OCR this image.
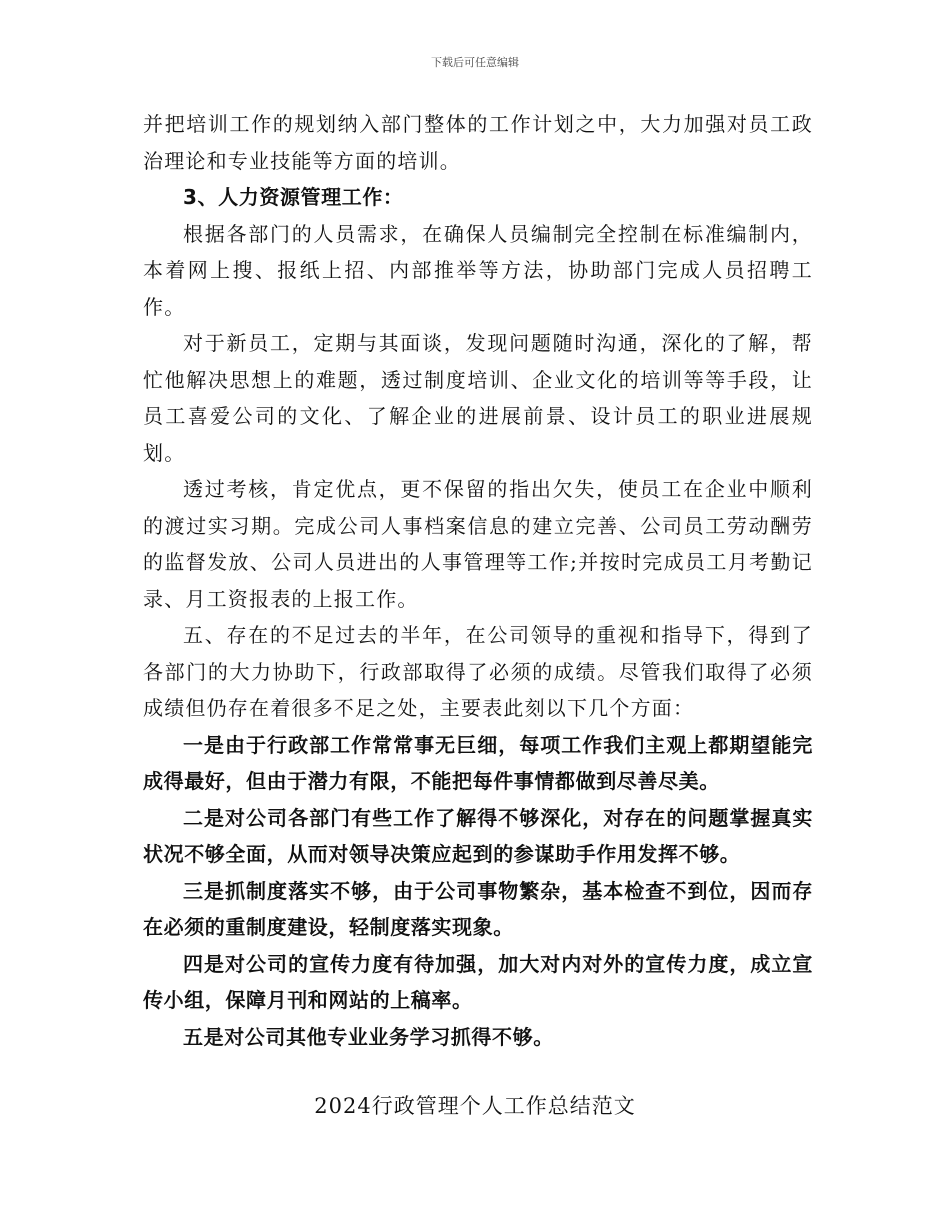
下载后可任意编辑

并把培训工作的规划纳入部门整体的工作计划之中，大力加强对员工政治理论和专业技能等方面的培训。

3、人力资源管理工作：

根据各部门的人员需求，在确保人员编制完全控制在标准编制内，本着网上搜、报纸上招、内部推举等方法，协助部门完成人员招聘工作。

对于新员工，定期与其面谈，发现问题随时沟通，深化的了解，帮忙他解决思想上的难题，透过制度培训、企业文化的培训等等手段，让员工喜爱公司的文化、了解企业的进展前景、设计员工的职业进展规划。

透过考核，肯定优点，更不保留的指出欠失，使员工在企业中顺利的渡过实习期。完成公司人事档案信息的建立完善、公司员工劳动酬劳的监督发放、公司人员进出的人事管理等工作;并按时完成员工月考勤记录、月工资报表的上报工作。

五、存在的不足过去的半年，在公司领导的重视和指导下，得到了各部门的大力协助下，行政部取得了必须的成绩。尽管我们取得了必须成绩但仍存在着很多不足之处，主要表此刻以下几个方面：

一是由于行政部工作常常事无巨细，每项工作我们主观上都期望能完成得最好，但由于潜力有限，不能把每件事情都做到尽善尽美。

二是对公司各部门有些工作了解得不够深化，对存在的问题掌握真实状况不够全面，从而对领导决策应起到的参谋助手作用发挥不够。

三是抓制度落实不够，由于公司事物繁杂，基本检查不到位，因而存在必须的重制度建设，轻制度落实现象。

四是对公司的宣传力度有待加强，加大对内对外的宣传力度，成立宣传小组，保障月刊和网站的上稿率。

五是对公司其他专业业务学习抓得不够。

2024行政管理个人工作总结范文
